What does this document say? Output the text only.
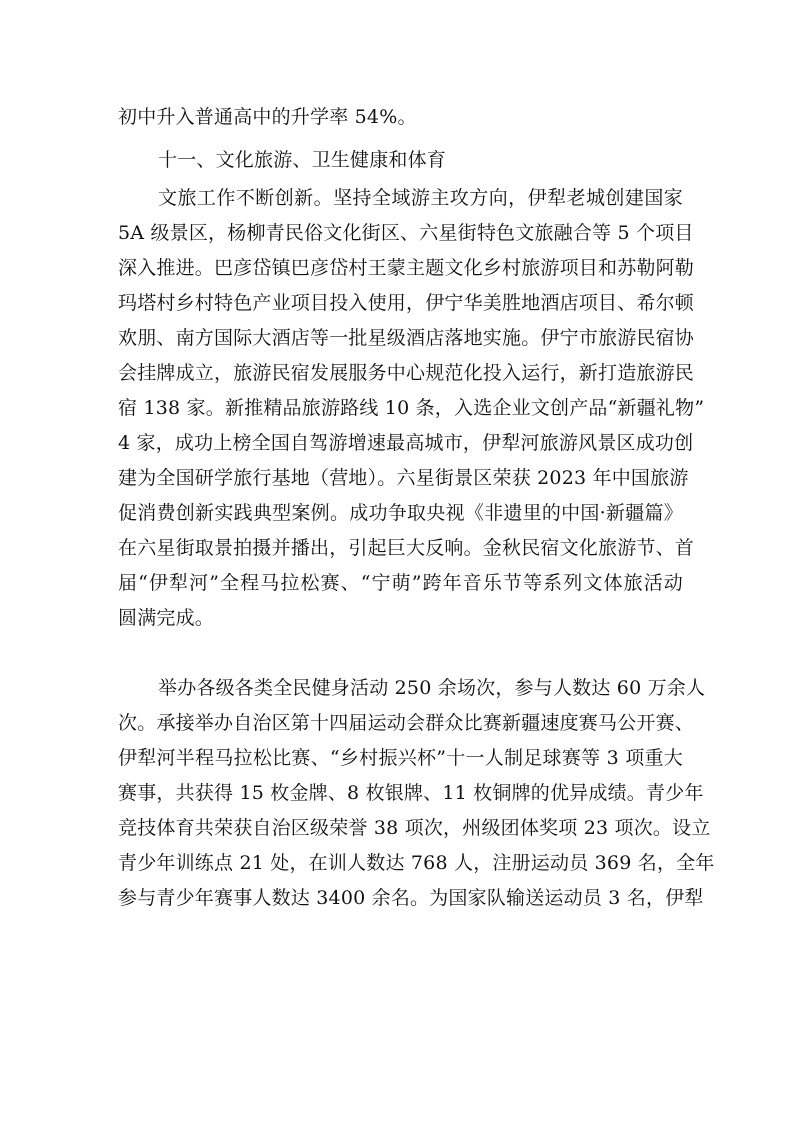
初中升入普通高中的升学率 54%。
十一、文化旅游、卫生健康和体育
文旅工作不断创新。坚持全域游主攻方向，伊犁老城创建国家
5A 级景区，杨柳青民俗文化街区、六星街特色文旅融合等 5 个项目
深入推进。巴彦岱镇巴彦岱村王蒙主题文化乡村旅游项目和苏勒阿勒
玛塔村乡村特色产业项目投入使用，伊宁华美胜地酒店项目、希尔顿
欢朋、南方国际大酒店等一批星级酒店落地实施。伊宁市旅游民宿协
会挂牌成立，旅游民宿发展服务中心规范化投入运行，新打造旅游民
宿 138 家。新推精品旅游路线 10 条，入选企业文创产品“新疆礼物”
4 家，成功上榜全国自驾游增速最高城市，伊犁河旅游风景区成功创
建为全国研学旅行基地（营地）。六星街景区荣获 2023 年中国旅游
促消费创新实践典型案例。成功争取央视《非遗里的中国·新疆篇》
在六星街取景拍摄并播出，引起巨大反响。金秋民宿文化旅游节、首
届“伊犁河”全程马拉松赛、“宁萌”跨年音乐节等系列文体旅活动
圆满完成。
举办各级各类全民健身活动 250 余场次，参与人数达 60 万余人
次。承接举办自治区第十四届运动会群众比赛新疆速度赛马公开赛、
伊犁河半程马拉松比赛、“乡村振兴杯”十一人制足球赛等 3 项重大
赛事，共获得 15 枚金牌、8 枚银牌、11 枚铜牌的优异成绩。青少年
竞技体育共荣获自治区级荣誉 38 项次，州级团体奖项 23 项次。设立
青少年训练点 21 处，在训人数达 768 人，注册运动员 369 名，全年
参与青少年赛事人数达 3400 余名。为国家队输送运动员 3 名，伊犁
